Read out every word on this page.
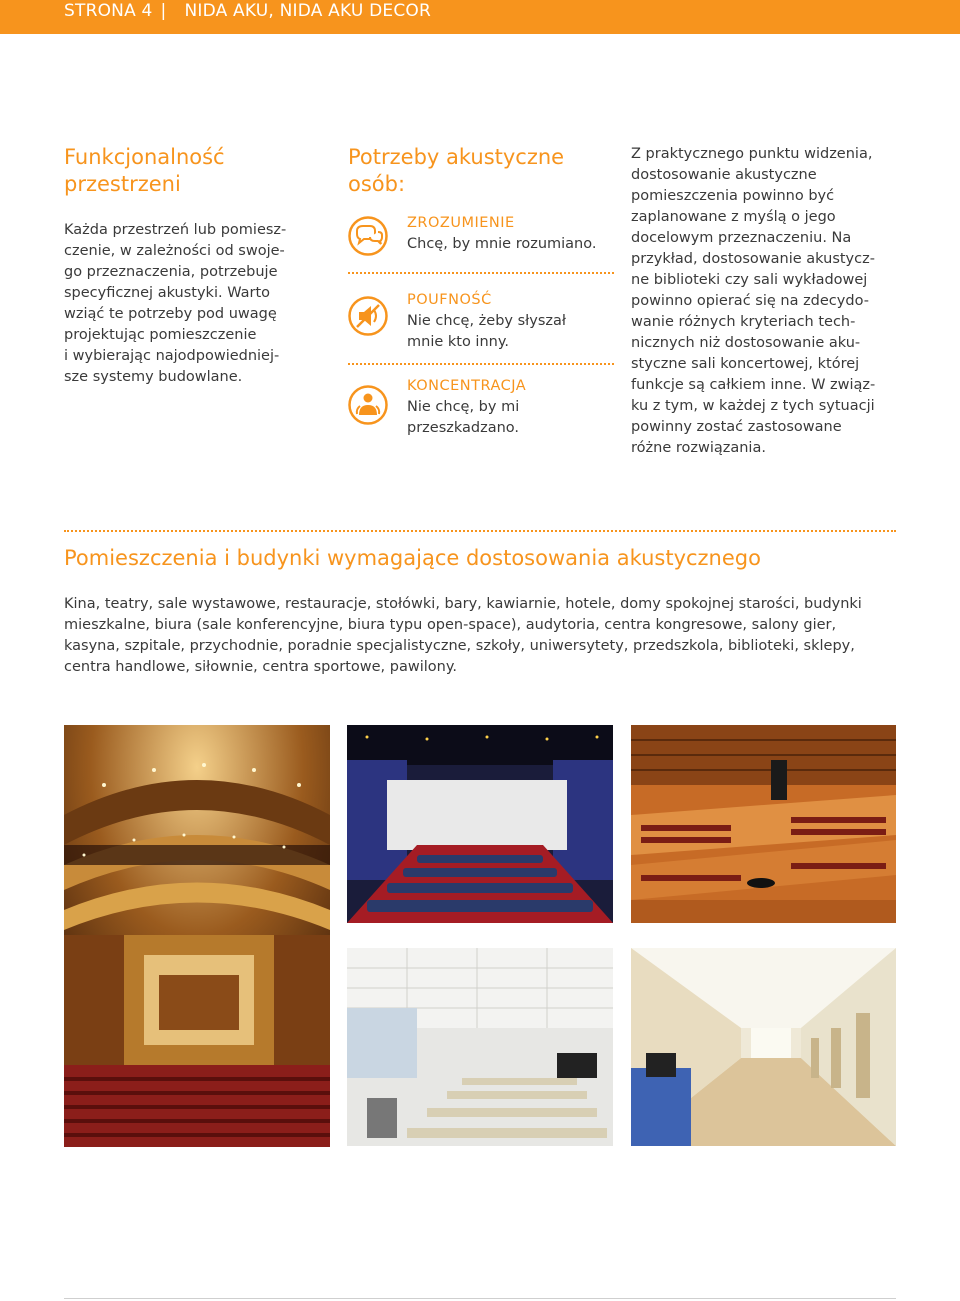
STRONA 4 | NIDA AKU, NIDA AKU DECOR
Funkcjonalność
przestrzeni

Każda przestrzeń lub pomiesz-
czenie, w zależności od swoje-
go przeznaczenia, potrzebuje
specyficznej akustyki. Warto
wziąć te potrzeby pod uwagę
projektując pomieszczenie
i wybierając najodpowiedniej-
sze systemy budowlane.

Potrzeby akustyczne
osób:
ZROZUMIENIE
Chcę, by mnie rozumiano.
POUFNOŚĆ
Nie chcę, żeby słyszał
mnie kto inny.
KONCENTRACJA
Nie chcę, by mi
przeszkadzano.
Z praktycznego punktu widzenia,
dostosowanie akustyczne
pomieszczenia powinno być
zaplanowane z myślą o jego
docelowym przeznaczeniu. Na
przykład, dostosowanie akustycz-
ne biblioteki czy sali wykładowej
powinno opierać się na zdecydo-
wanie różnych kryteriach tech-
nicznych niż dostosowanie aku-
styczne sali koncertowej, której
funkcje są całkiem inne. W związ-
ku z tym, w każdej z tych sytuacji
powinny zostać zastosowane
różne rozwiązania.
Pomieszczenia i budynki wymagające dostosowania akustycznego

Kina, teatry, sale wystawowe, restauracje, stołówki, bary, kawiarnie, hotele, domy spokojnej starości, budynki
mieszkalne, biura (sale konferencyjne, biura typu open-space), audytoria, centra kongresowe, salony gier,
kasyna, szpitale, przychodnie, poradnie specjalistyczne, szkoły, uniwersytety, przedszkola, biblioteki, sklepy,
centra handlowe, siłownie, centra sportowe, pawilony.
